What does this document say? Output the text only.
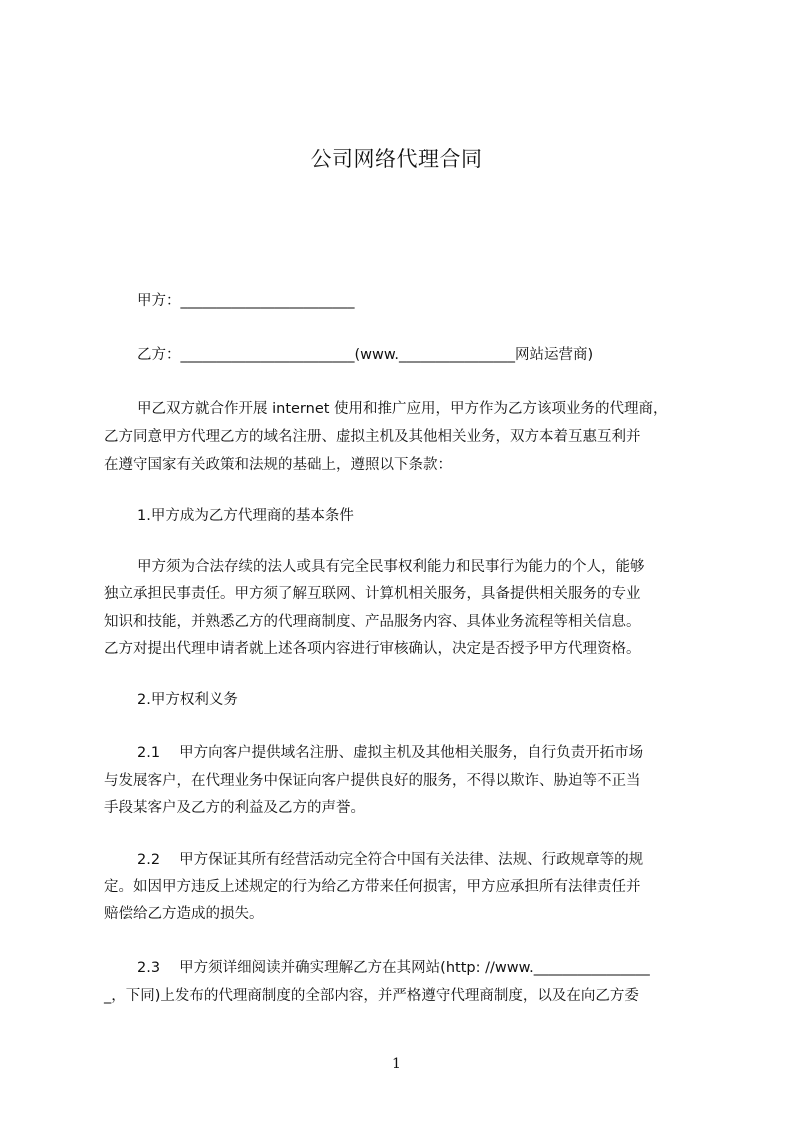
公司网络代理合同
甲方：________________________
乙方：________________________(www.________________网站运营商)
甲乙双方就合作开展 internet 使用和推广应用，甲方作为乙方该项业务的代理商，
乙方同意甲方代理乙方的域名注册、虚拟主机及其他相关业务，双方本着互惠互利并
在遵守国家有关政策和法规的基础上，遵照以下条款：
1.甲方成为乙方代理商的基本条件
甲方须为合法存续的法人或具有完全民事权利能力和民事行为能力的个人，能够
独立承担民事责任。甲方须了解互联网、计算机相关服务，具备提供相关服务的专业
知识和技能，并熟悉乙方的代理商制度、产品服务内容、具体业务流程等相关信息。
乙方对提出代理申请者就上述各项内容进行审核确认，决定是否授予甲方代理资格。
2.甲方权利义务
2.1　 甲方向客户提供域名注册、虚拟主机及其他相关服务，自行负责开拓市场
与发展客户，在代理业务中保证向客户提供良好的服务，不得以欺诈、胁迫等不正当
手段某客户及乙方的利益及乙方的声誉。
2.2　 甲方保证其所有经营活动完全符合中国有关法律、法规、行政规章等的规
定。如因甲方违反上述规定的行为给乙方带来任何损害，甲方应承担所有法律责任并
赔偿给乙方造成的损失。
2.3　 甲方须详细阅读并确实理解乙方在其网站(http: //www.________________
_，下同)上发布的代理商制度的全部内容，并严格遵守代理商制度，以及在向乙方委
1
